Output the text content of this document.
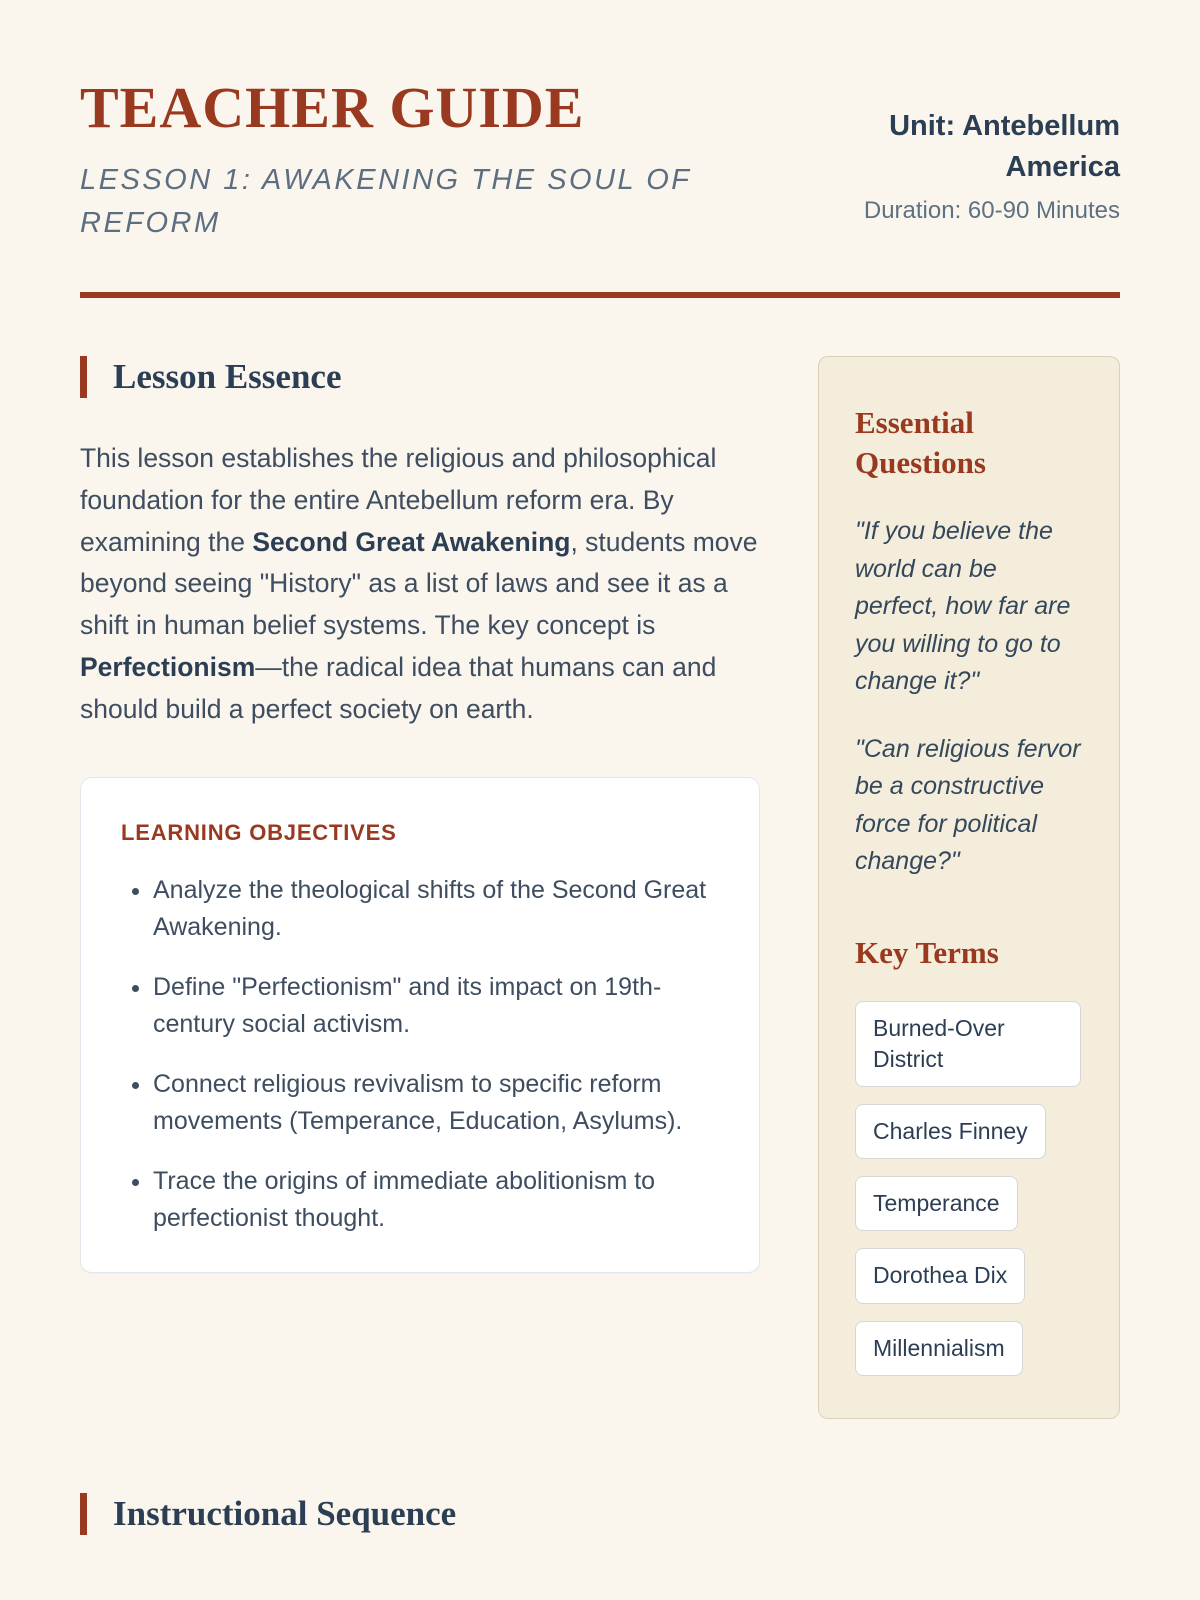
TEACHER GUIDE
LESSON 1: AWAKENING THE SOUL OF REFORM
Unit: Antebellum America
Duration: 60-90 Minutes
Lesson Essence

This lesson establishes the religious and philosophical foundation for the entire Antebellum reform era. By examining the Second Great Awakening, students move beyond seeing "History" as a list of laws and see it as a shift in human belief systems. The key concept is Perfectionism—the radical idea that humans can and should build a perfect society on earth.

LEARNING OBJECTIVES
• Analyze the theological shifts of the Second Great Awakening.
• Define "Perfectionism" and its impact on 19th-century social activism.
• Connect religious revivalism to specific reform movements (Temperance, Education, Asylums).
• Trace the origins of immediate abolitionism to perfectionist thought.
Essential Questions

"If you believe the world can be perfect, how far are you willing to go to change it?"

"Can religious fervor be a constructive force for political change?"

Key Terms
Burned-Over District
Charles Finney
Temperance
Dorothea Dix
Millennialism
Instructional Sequence
